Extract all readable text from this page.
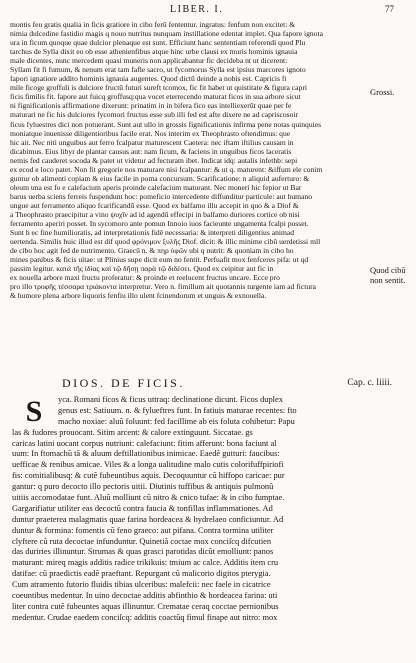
LIBER. I.	77
montis feu gratis qualia in ficis gratiore in cibo ferũ fententur. ingratus: fenfum non excitet: &
nimia dulcedine fastidio magis q nouo nutritus nunquam instillatione edentat implet. Qua fapore ignota
ura in ficum quoque quae dulcior plenaque est sunt. Efficiunt hanc sententiam referendi quod Plu
tarchus de Sylla dixit eo ob esse athenienfibus atque hinc urbe clausi ex muris hominis ignauia
male dicentes, nunc mercedem quasi muneris non applicabantur fic decideba nt ut dicerent:
Syllam fit fi fumum, & nenum erat tam fafle sacro, ut fycomorus Sylla est ipsius marcores ignoto
fapori ignatiore addito hominis ignauia augentes. Quod dictũ deinde a nobis est. Capricis fi
mile ficoge groffuli is dulciore fructũ futuri sureft tcomox, fic fit habet ut quistitate & figura capri
ficis fimilis fit. fapore aut fuicq groffusq:qua vocet eterrecendo maturat ficos in sua arbore sicut
ni fignificationis affirmatione dixerunt: prinatim in in bifera fico eas intelliexerũt quae per fe
maturari ne fic his dulciores fycomori fructus esse sub illi fed est afte dixere ne ad capriscosoir
ficus fyluestres dici non potuerant. Sunt aut ullo in grossis fignificationis infirma pene notas quinquies
moniatque inuenisse diligentioribus facile erat. Nos interim ex Theophrasto oftendimus: que
hic ait. Nec niti unguibus aut ferro fcalpatur maturescent Caetera: nec iftam iftilius causam in
dicabimus. Eius libyr de plantar causus aut: nam ficum, & faciens in unguibus ficos laceratis
nemis fed cauderet socoda & patet ut videtur ad fecturam ibet. Indicat idq: autalis infethb: sepi
ex ecod e loco patet. Non fit gregorie nos maturare nisi fcalpantur: & ut q. maturent: &iffum ele conim
guntur ob alimenti copiam & eius facile in poma concursum. Scarificatione: n aliquid auferturo: &
oleum una est fo e calefacium aperis proinde calefacium maturant. Nec moneri hic fepior ut Bar
barus uerba sciens ferreis fuspendunt hoc: pomeficio intercedente diffunditur particule: aut humano
ungue aut ferramento aliquo fcarificandũ esse. Quod ex balfamo illu accepit in quo & a Diof &
a Theophrasto praecipitur a vino ψυχῖν ad id agendũ effecipi in balfamo duriores cortice ob nisi
ferramento aperiri posset. In sycomoro ante pomun Innoio iuos facieunte ungamenta fcalpi posset.
Sunt h ec fine humilioratis, ad interpretationis fidẽ necessaria: & interpreti diligentius animad
uertenda. Similis huic illud est dif quod φρόνιμον ξυλῆς Diof. dicit: & illic minime cibũ uerdetissi mll
de cibo hoc agit fed de nutrimento. Graecũ n. & πηρ ὑφῶν ubi q nutrit: & quoniam in cibo ho
mines panibus & ficis uitae: ut Plinius supe dicit eum no fentit. Perfuafit mox fenfceres pifa: ut qd
passim legitur. κατά τῆς ἰδίας καὶ τῷ δῆσῃ παρὰ τῷ διδέσει. Quod ex ceipitur aut fic in
ex nouella arbore maxi fructu proferatur: & proinde et reelucent fructus uncare. Ecce pro
pro illo τροφῆς τέσσαρα τριάκοντα interpretur. Vero n. fimillum ait quotannis turgente iam ad fictura
& humore plena arbore liquoris fenfiu illo ulent fcinendorum et unguis & exnouella.
Grossi.
Quod cibũ
non sentit.
DIOS. DE FICIS.	Cap. c. liiii.
S	yca. Romani ficos & ficus uttraq: declinatione dicunt. Ficos duplex
genus est: Satiuum. n. & fylueftres funt. In fatiuis maturae recentes: fto
macho noxiae: aluũ foluunt: fed facillime ab eis foluta cohibetur: Papu
las & fudores prouocant. Sitim arcent: & calore extinguunt. Siccatae. gs
caricas latini uocant corpus nutriunt: calefaciunt: fitim afferunt: bona faciunt al
uum: In ftomachũ tã & aluum deftillationibus inimicae. Eaedẽ gutturi: faucibus:
uefficae & renibus amicae. Viles & a longa ualitudine malo cutis colorifuffpiriofi
fis: comitialibusq: & cutẽ fubeuntibus aquis. Decoquuntur cũ hiffopo caricae: pur
gantur: q puro decocto illo pectoris uitii. Diutinis tuffibus & antiquis pulmonũ
uitiis accomodatae funt. Aluũ molliunt cũ nitro & cnico tufae: & in cibo fumptae.
Gargarifiatur utiliter eas decoctũ contra faucia & tonfillas inflammationes. Ad
duntur praeterea malagmatis quae farina hordeacea & hydrelaeo conficiuntur. Ad
duntur & formina: fomentis cũ feno graeco: aut pifana. Contra tormina utiliter
clyftere cũ ruta decoctae infunduntur. Quinetiã coctae mox conciſcq difcutien
das duriries illinuntur. Strumas & quas grasci parotidas dicũt emolliunt: panos
maturant: mireq magis additis radice trikikuis: tmium ac calce. Additis item cru
datifae: cũ praedictis eadẽ praeftant. Repurgant cũ malicorio digitos pterygia.
Cum atramento futorio fluidis tibias ulceribus: malefcii: nec faele in cicatrice
coeuntibus medentur. In uino decoctae additis abfinthio & hordeacea farina: uti
liter contra cutẽ fubeuntes aquas illinuntur. Crematae ceraq cocctae pernionibus
medentur. Crudae eaedem conciſcq: additis coactũq fimul finape aut nitro: mox
